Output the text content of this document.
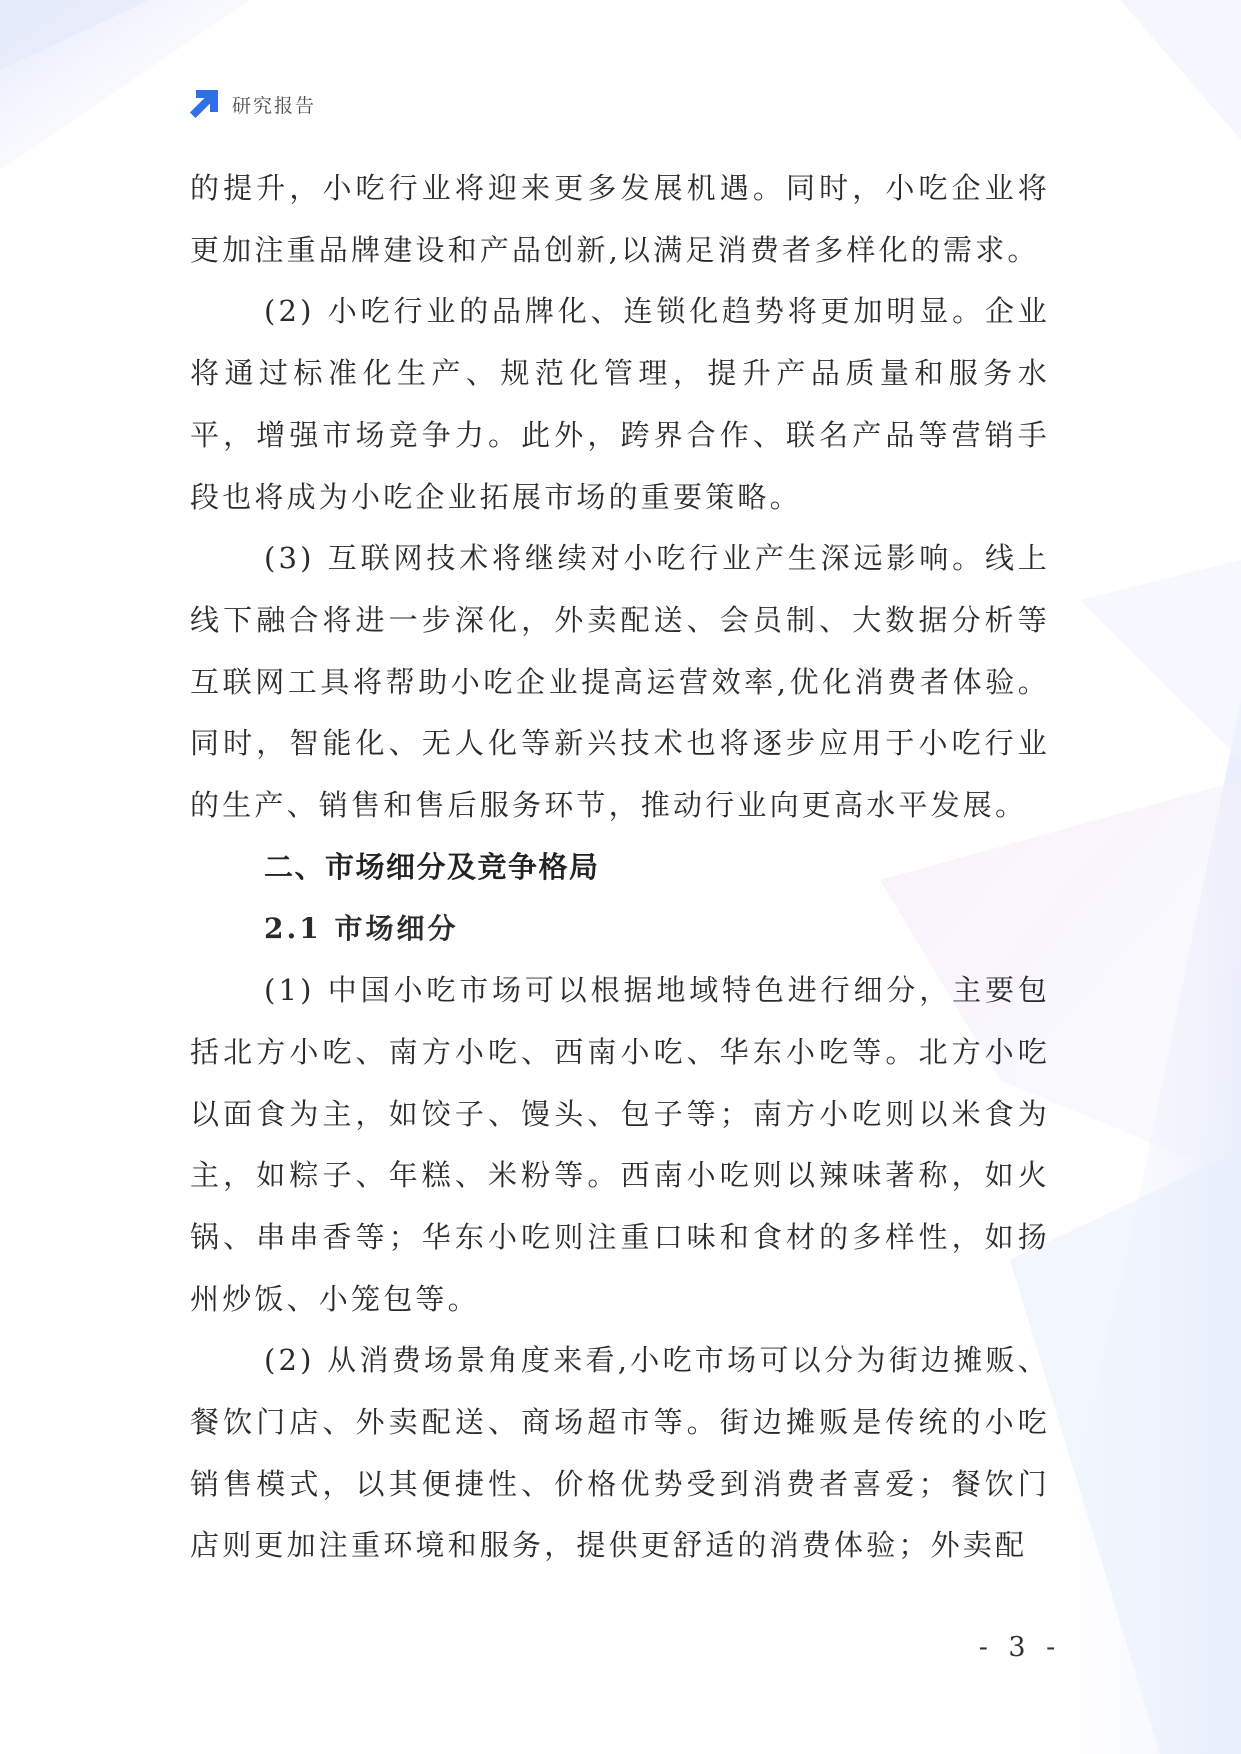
研究报告

的提升，小吃行业将迎来更多发展机遇。同时，小吃企业将更加注重品牌建设和产品创新,以满足消费者多样化的需求。

(2) 小吃行业的品牌化、连锁化趋势将更加明显。企业将通过标准化生产、规范化管理，提升产品质量和服务水平，增强市场竞争力。此外，跨界合作、联名产品等营销手段也将成为小吃企业拓展市场的重要策略。

(3) 互联网技术将继续对小吃行业产生深远影响。线上线下融合将进一步深化，外卖配送、会员制、大数据分析等互联网工具将帮助小吃企业提高运营效率,优化消费者体验。同时，智能化、无人化等新兴技术也将逐步应用于小吃行业的生产、销售和售后服务环节，推动行业向更高水平发展。

二、市场细分及竞争格局
2.1 市场细分

(1) 中国小吃市场可以根据地域特色进行细分，主要包括北方小吃、南方小吃、西南小吃、华东小吃等。北方小吃以面食为主，如饺子、馒头、包子等；南方小吃则以米食为主，如粽子、年糕、米粉等。西南小吃则以辣味著称，如火锅、串串香等；华东小吃则注重口味和食材的多样性，如扬州炒饭、小笼包等。

(2) 从消费场景角度来看,小吃市场可以分为街边摊贩、餐饮门店、外卖配送、商场超市等。街边摊贩是传统的小吃销售模式，以其便捷性、价格优势受到消费者喜爱；餐饮门店则更加注重环境和服务，提供更舒适的消费体验；外卖配

- 3 -
